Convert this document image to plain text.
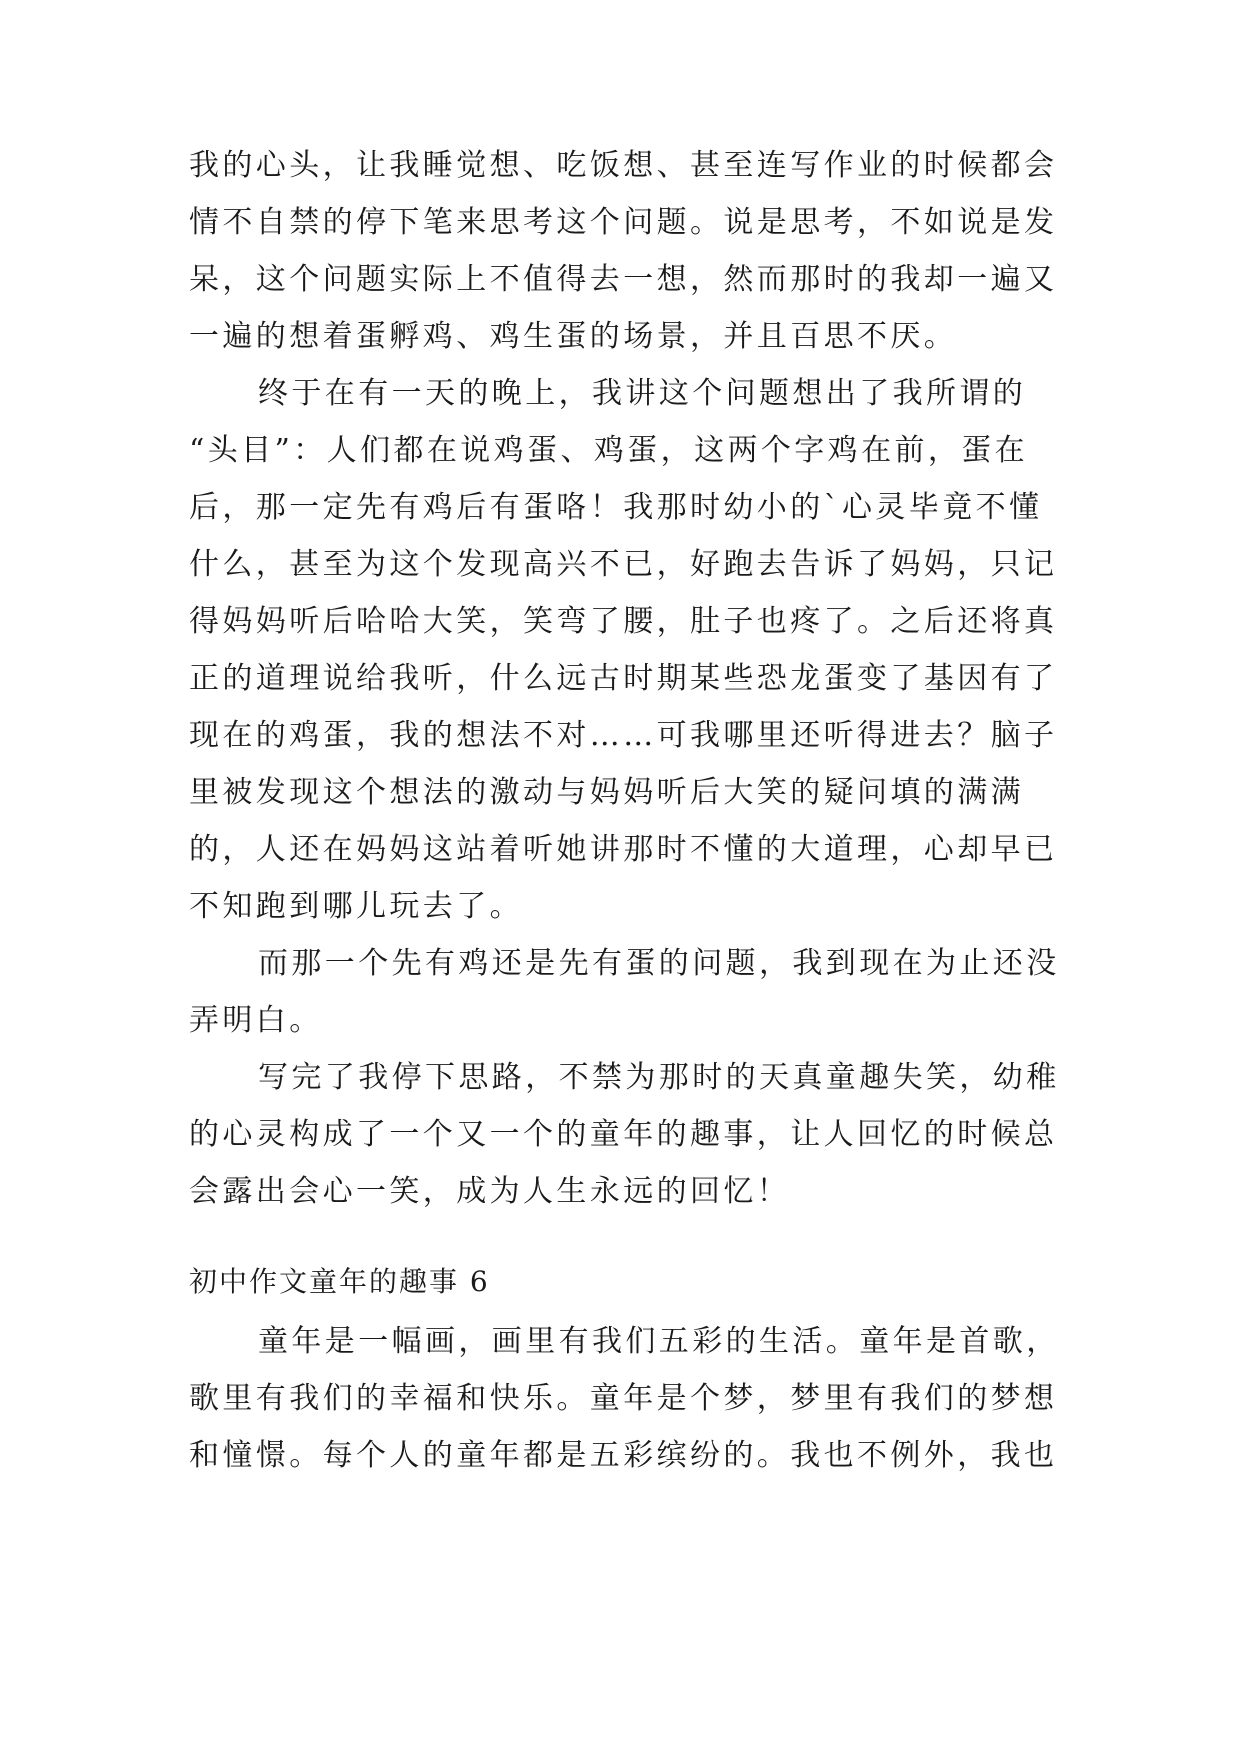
我的心头，让我睡觉想、吃饭想、甚至连写作业的时候都会
情不自禁的停下笔来思考这个问题。说是思考，不如说是发
呆，这个问题实际上不值得去一想，然而那时的我却一遍又
一遍的想着蛋孵鸡、鸡生蛋的场景，并且百思不厌。
终于在有一天的晚上，我讲这个问题想出了我所谓的
“头目”：人们都在说鸡蛋、鸡蛋，这两个字鸡在前，蛋在
后，那一定先有鸡后有蛋咯！我那时幼小的`心灵毕竟不懂
什么，甚至为这个发现高兴不已，好跑去告诉了妈妈，只记
得妈妈听后哈哈大笑，笑弯了腰，肚子也疼了。之后还将真
正的道理说给我听，什么远古时期某些恐龙蛋变了基因有了
现在的鸡蛋，我的想法不对……可我哪里还听得进去？脑子
里被发现这个想法的激动与妈妈听后大笑的疑问填的满满
的，人还在妈妈这站着听她讲那时不懂的大道理，心却早已
不知跑到哪儿玩去了。
而那一个先有鸡还是先有蛋的问题，我到现在为止还没
弄明白。
写完了我停下思路，不禁为那时的天真童趣失笑，幼稚
的心灵构成了一个又一个的童年的趣事，让人回忆的时候总
会露出会心一笑，成为人生永远的回忆！
初中作文童年的趣事 6
童年是一幅画，画里有我们五彩的生活。童年是首歌，
歌里有我们的幸福和快乐。童年是个梦，梦里有我们的梦想
和憧憬。每个人的童年都是五彩缤纷的。我也不例外，我也
